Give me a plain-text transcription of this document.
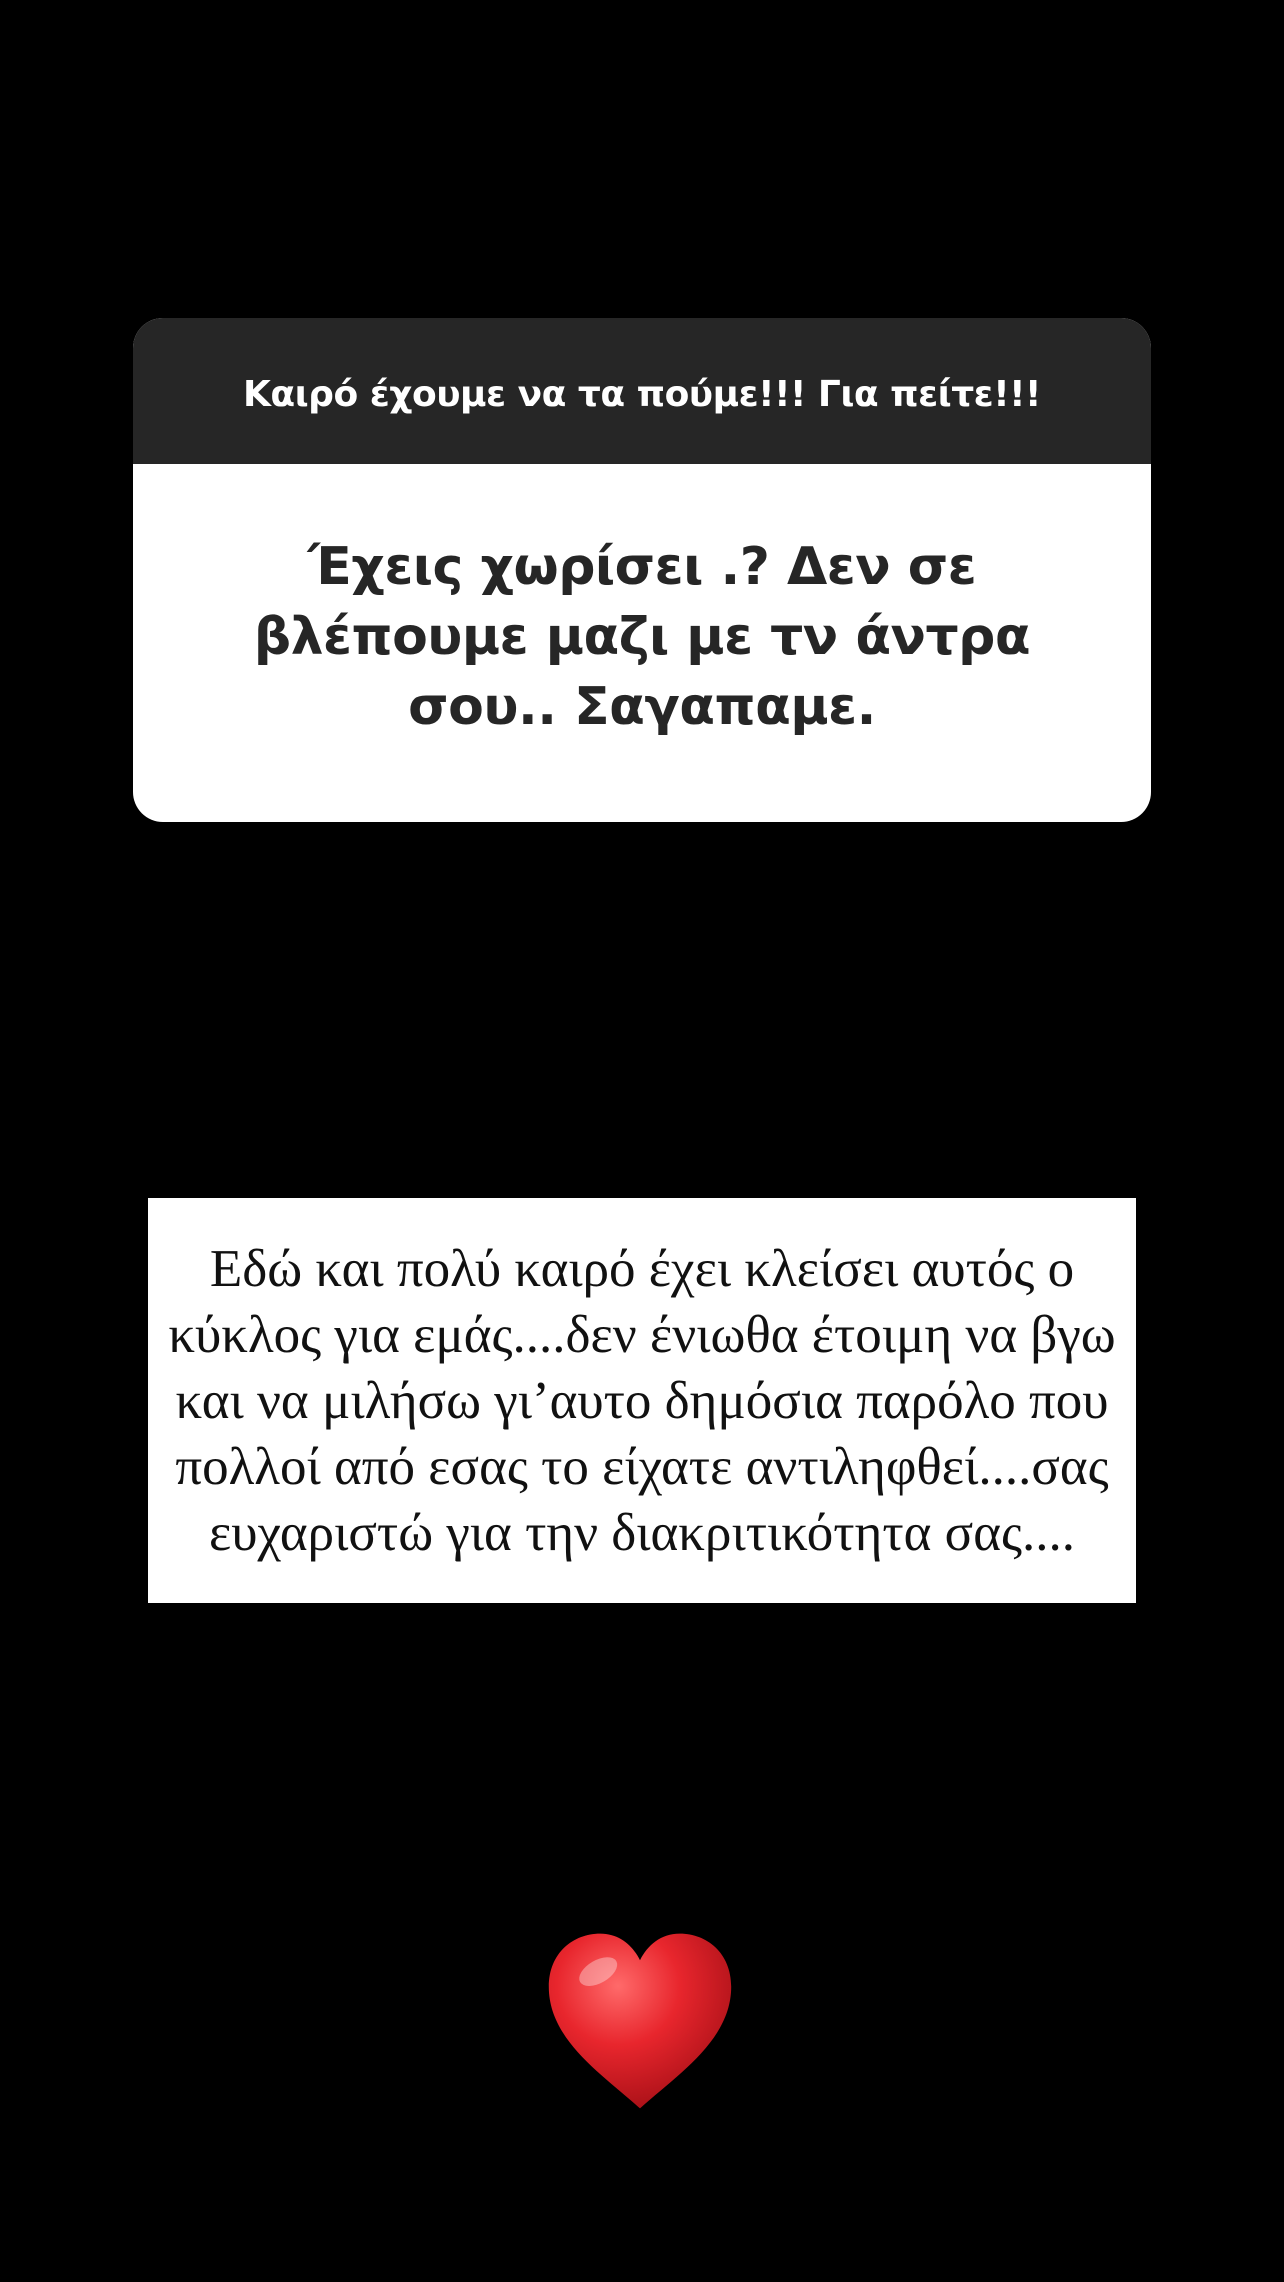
Καιρό έχουμε να τα πούμε!!! Για πείτε!!!
Έχεις χωρίσει .? Δεν σε βλέπουμε μαζι με τν άντρα σου.. Σαγαπαμε.
Εδώ και πολύ καιρό έχει κλείσει αυτός ο κύκλος για εμάς....δεν ένιωθα έτοιμη να βγω και να μιλήσω γι’αυτο δημόσια παρόλο που πολλοί από εσας το είχατε αντιληφθεί....σας ευχαριστώ για την διακριτικότητα σας....
